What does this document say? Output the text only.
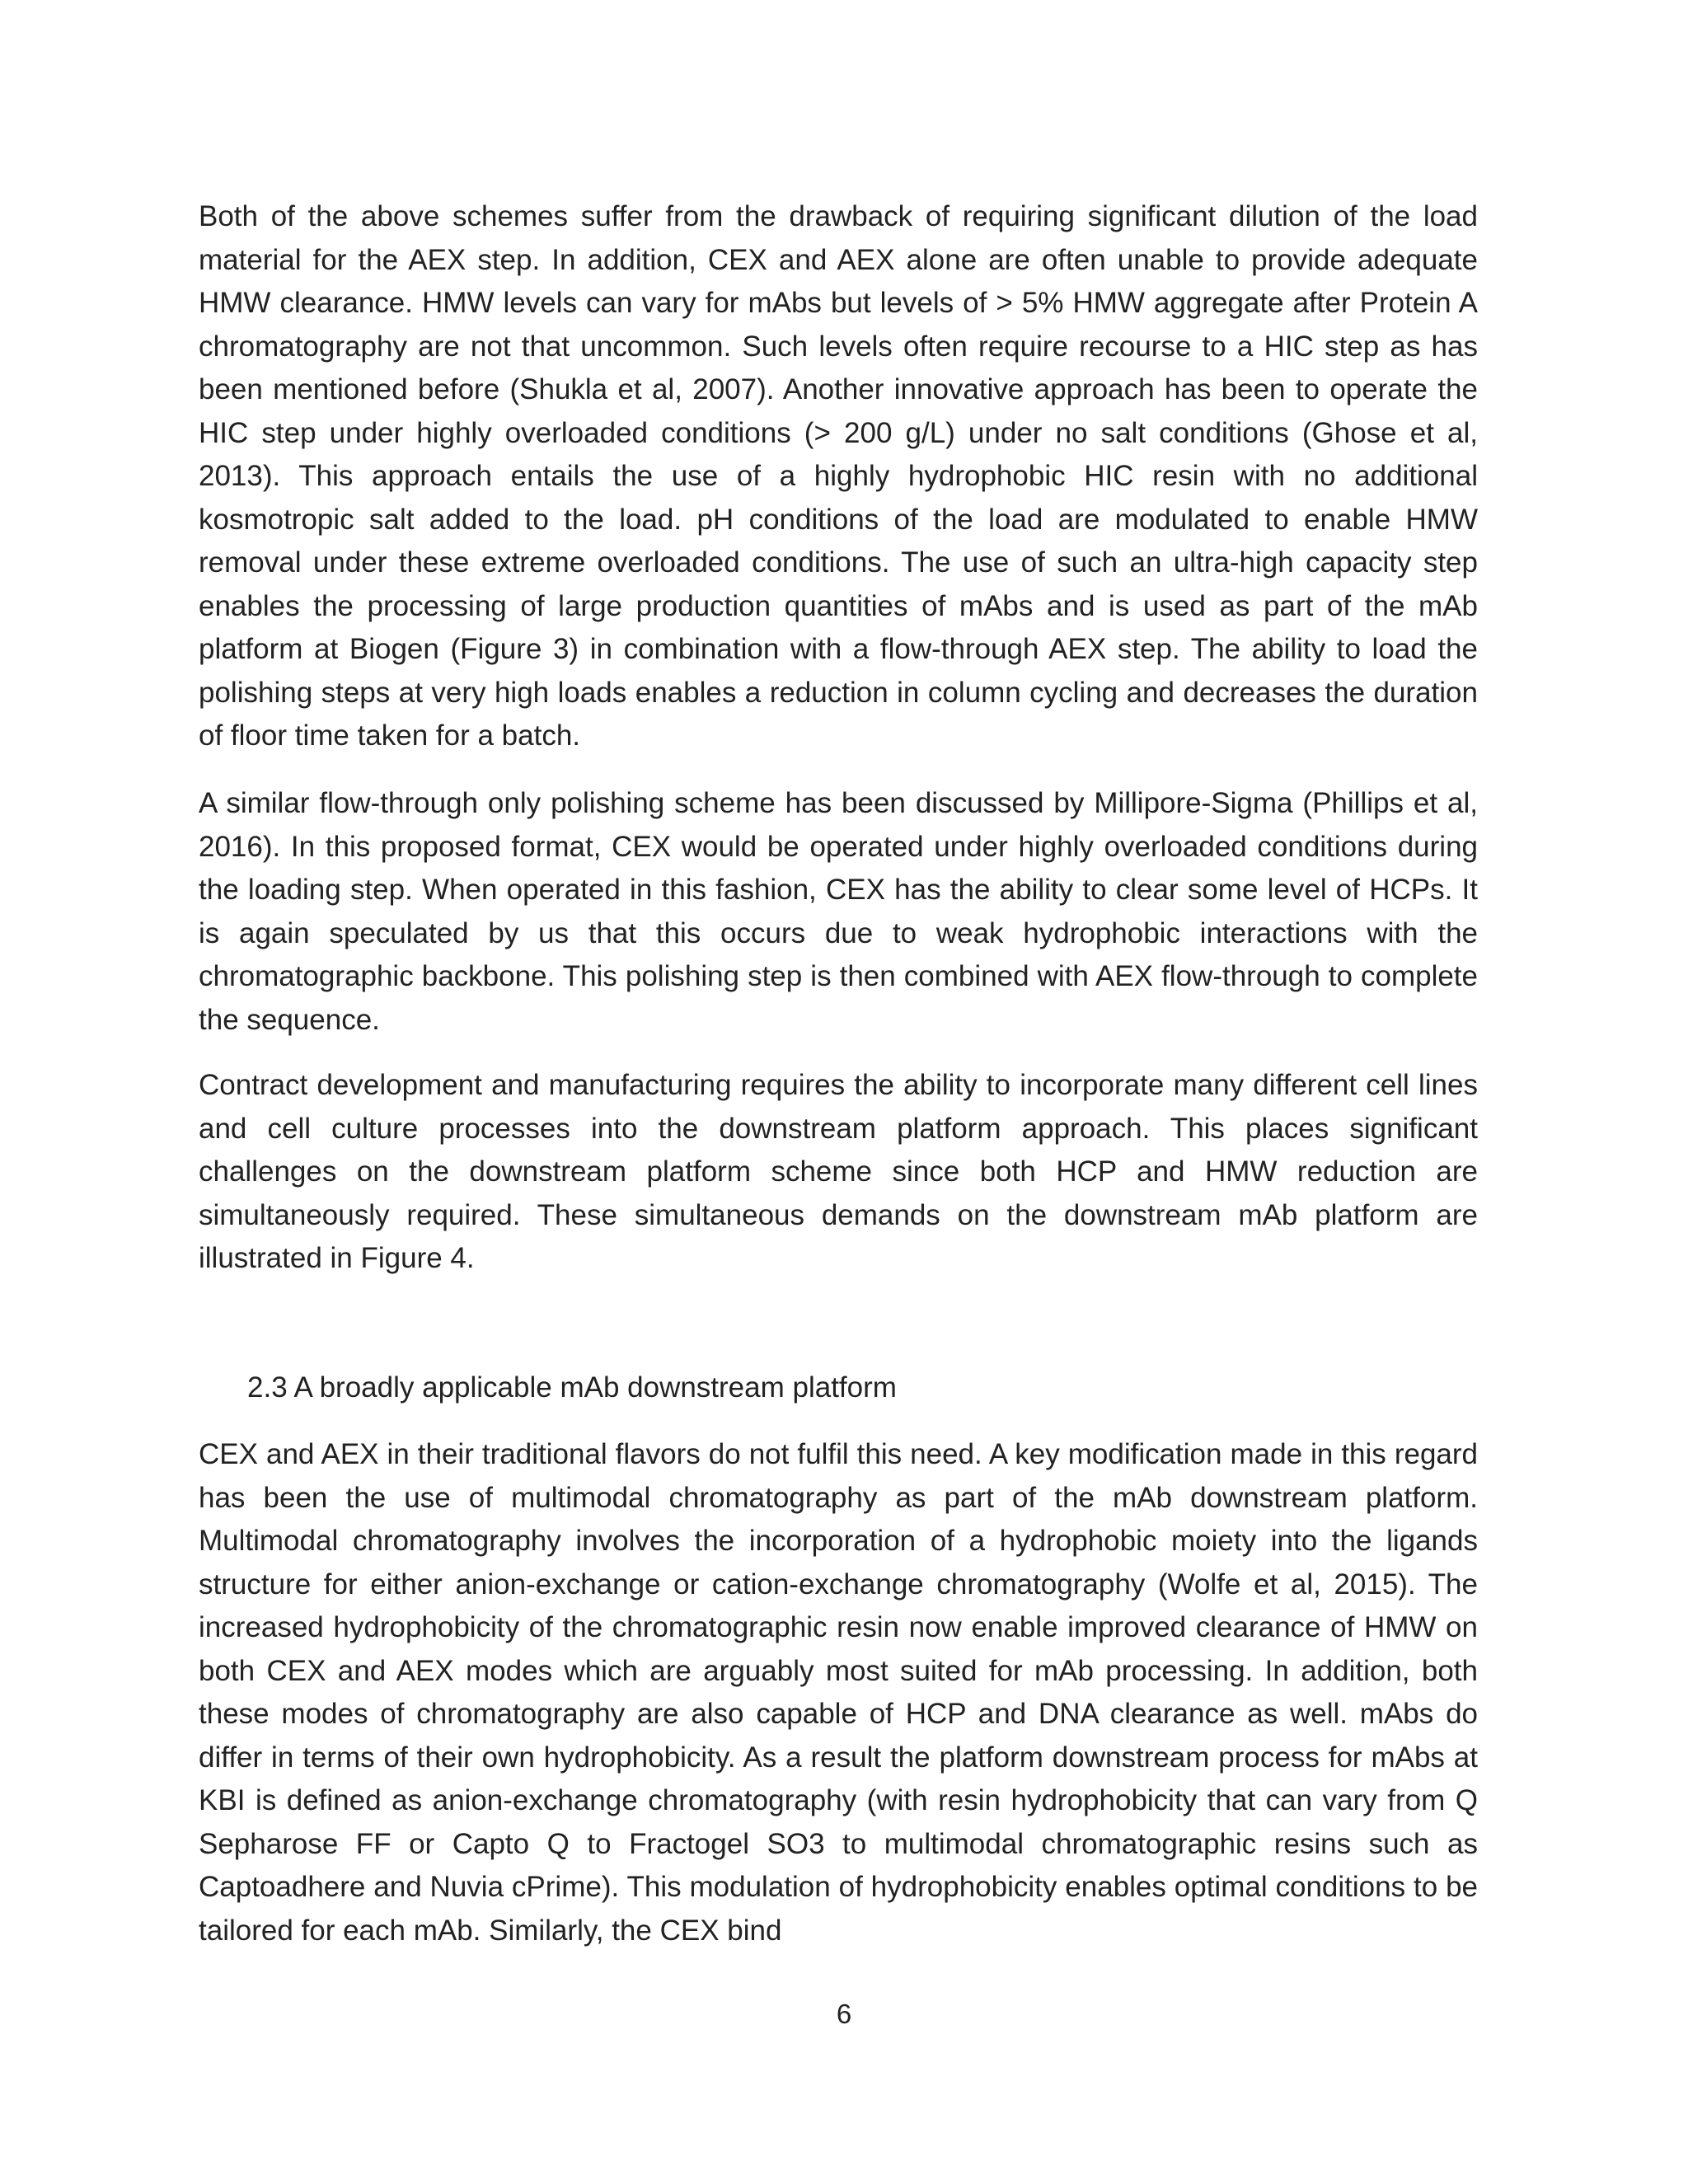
Both of the above schemes suffer from the drawback of requiring significant dilution of the load material for the AEX step. In addition, CEX and AEX alone are often unable to provide adequate HMW clearance. HMW levels can vary for mAbs but levels of > 5% HMW aggregate after Protein A chromatography are not that uncommon. Such levels often require recourse to a HIC step as has been mentioned before (Shukla et al, 2007). Another innovative approach has been to operate the HIC step under highly overloaded conditions (> 200 g/L) under no salt conditions (Ghose et al, 2013). This approach entails the use of a highly hydrophobic HIC resin with no additional kosmotropic salt added to the load. pH conditions of the load are modulated to enable HMW removal under these extreme overloaded conditions. The use of such an ultra-high capacity step enables the processing of large production quantities of mAbs and is used as part of the mAb platform at Biogen (Figure 3) in combination with a flow-through AEX step. The ability to load the polishing steps at very high loads enables a reduction in column cycling and decreases the duration of floor time taken for a batch.

A similar flow-through only polishing scheme has been discussed by Millipore-Sigma (Phillips et al, 2016). In this proposed format, CEX would be operated under highly overloaded conditions during the loading step. When operated in this fashion, CEX has the ability to clear some level of HCPs. It is again speculated by us that this occurs due to weak hydrophobic interactions with the chromatographic backbone. This polishing step is then combined with AEX flow-through to complete the sequence.

Contract development and manufacturing requires the ability to incorporate many different cell lines and cell culture processes into the downstream platform approach. This places significant challenges on the downstream platform scheme since both HCP and HMW reduction are simultaneously required. These simultaneous demands on the downstream mAb platform are illustrated in Figure 4.

2.3 A broadly applicable mAb downstream platform

CEX and AEX in their traditional flavors do not fulfil this need. A key modification made in this regard has been the use of multimodal chromatography as part of the mAb downstream platform. Multimodal chromatography involves the incorporation of a hydrophobic moiety into the ligands structure for either anion-exchange or cation-exchange chromatography (Wolfe et al, 2015). The increased hydrophobicity of the chromatographic resin now enable improved clearance of HMW on both CEX and AEX modes which are arguably most suited for mAb processing. In addition, both these modes of chromatography are also capable of HCP and DNA clearance as well. mAbs do differ in terms of their own hydrophobicity. As a result the platform downstream process for mAbs at KBI is defined as anion-exchange chromatography (with resin hydrophobicity that can vary from Q Sepharose FF or Capto Q to Fractogel SO3 to multimodal chromatographic resins such as Captoadhere and Nuvia cPrime). This modulation of hydrophobicity enables optimal conditions to be tailored for each mAb. Similarly, the CEX bind

6
